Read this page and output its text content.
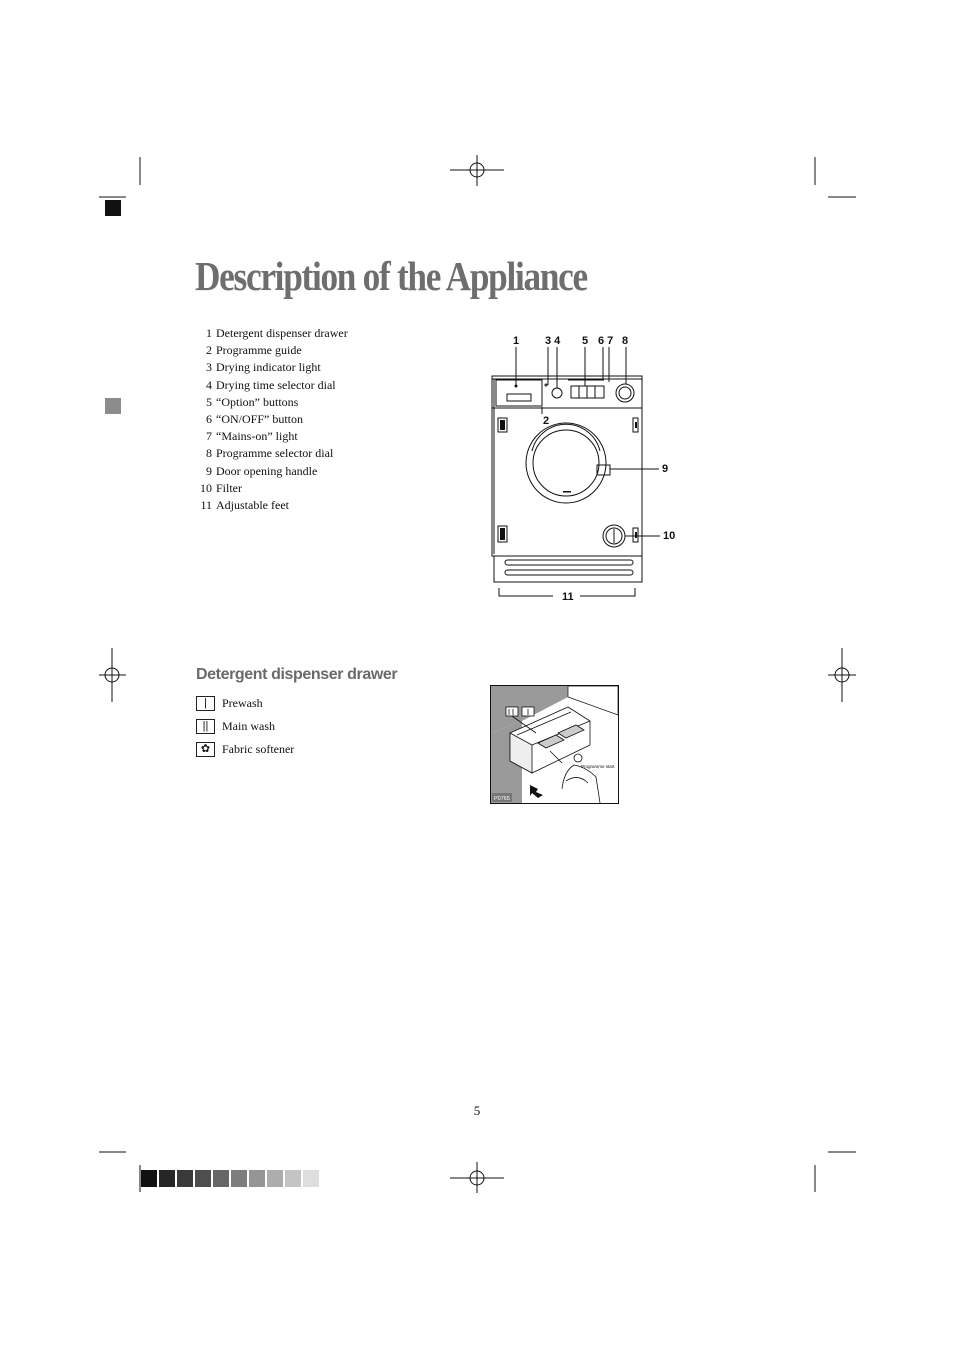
Description of the Appliance
1 Detergent dispenser drawer
2 Programme guide
3 Drying indicator light
4 Drying time selector dial
5 “Option” buttons
6 “ON/OFF” button
7 “Mains-on” light
8 Programme selector dial
9 Door opening handle
10 Filter
11 Adjustable feet
1 3 4 5 6 7 8
2
9
10
11
Detergent dispenser drawer
|	Prewash
||	Main wash
✿ Fabric softener
Programme start
P0765
5
